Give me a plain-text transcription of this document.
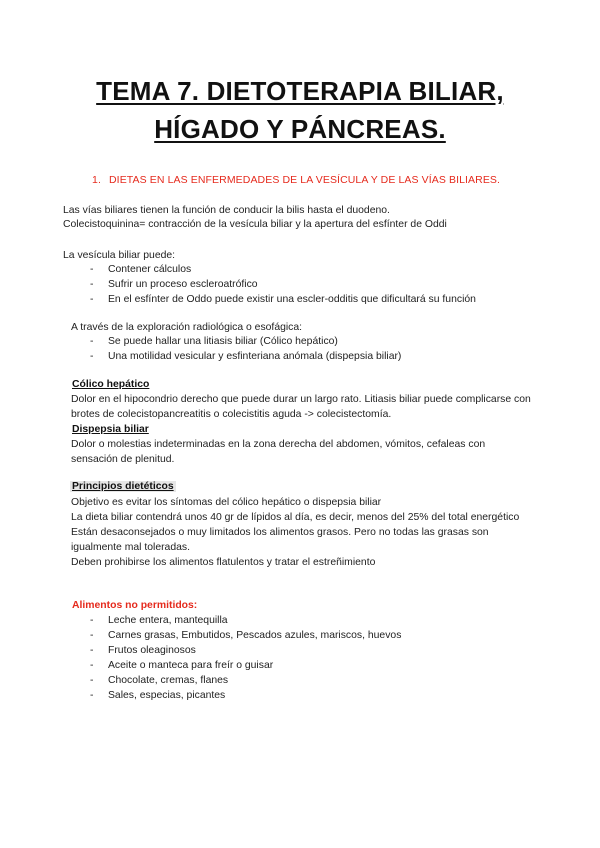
TEMA 7. DIETOTERAPIA BILIAR,
HÍGADO Y PÁNCREAS.
1. DIETAS EN LAS ENFERMEDADES DE LA VESÍCULA Y DE LAS VÍAS BILIARES.
Las vías biliares tienen la función de conducir la bilis hasta el duodeno.
Colecistoquinina= contracción de la vesícula biliar y la apertura del esfínter de Oddi
La vesícula biliar puede:
- Contener cálculos
- Sufrir un proceso escleroatrófico
- En el esfínter de Oddo puede existir una escler-odditis que dificultará su función
A través de la exploración radiológica o esofágica:
- Se puede hallar una litiasis biliar (Cólico hepático)
- Una motilidad vesicular y esfinteriana anómala (dispepsia biliar)
Cólico hepático
Dolor en el hipocondrio derecho que puede durar un largo rato. Litiasis biliar puede complicarse con brotes de colecistopancreatitis o colecistitis aguda -> colecistectomía.
Dispepsia biliar
Dolor o molestias indeterminadas en la zona derecha del abdomen, vómitos, cefaleas con sensación de plenitud.
Principios dietéticos
Objetivo es evitar los síntomas del cólico hepático o dispepsia biliar
La dieta biliar contendrá unos 40 gr de lípidos al día, es decir, menos del 25% del total energético
Están desaconsejados o muy limitados los alimentos grasos. Pero no todas las grasas son igualmente mal toleradas.
Deben prohibirse los alimentos flatulentos y tratar el estreñimiento
Alimentos no permitidos:
- Leche entera, mantequilla
- Carnes grasas, Embutidos, Pescados azules, mariscos, huevos
- Frutos oleaginosos
- Aceite o manteca para freír o guisar
- Chocolate, cremas, flanes
- Sales, especias, picantes
